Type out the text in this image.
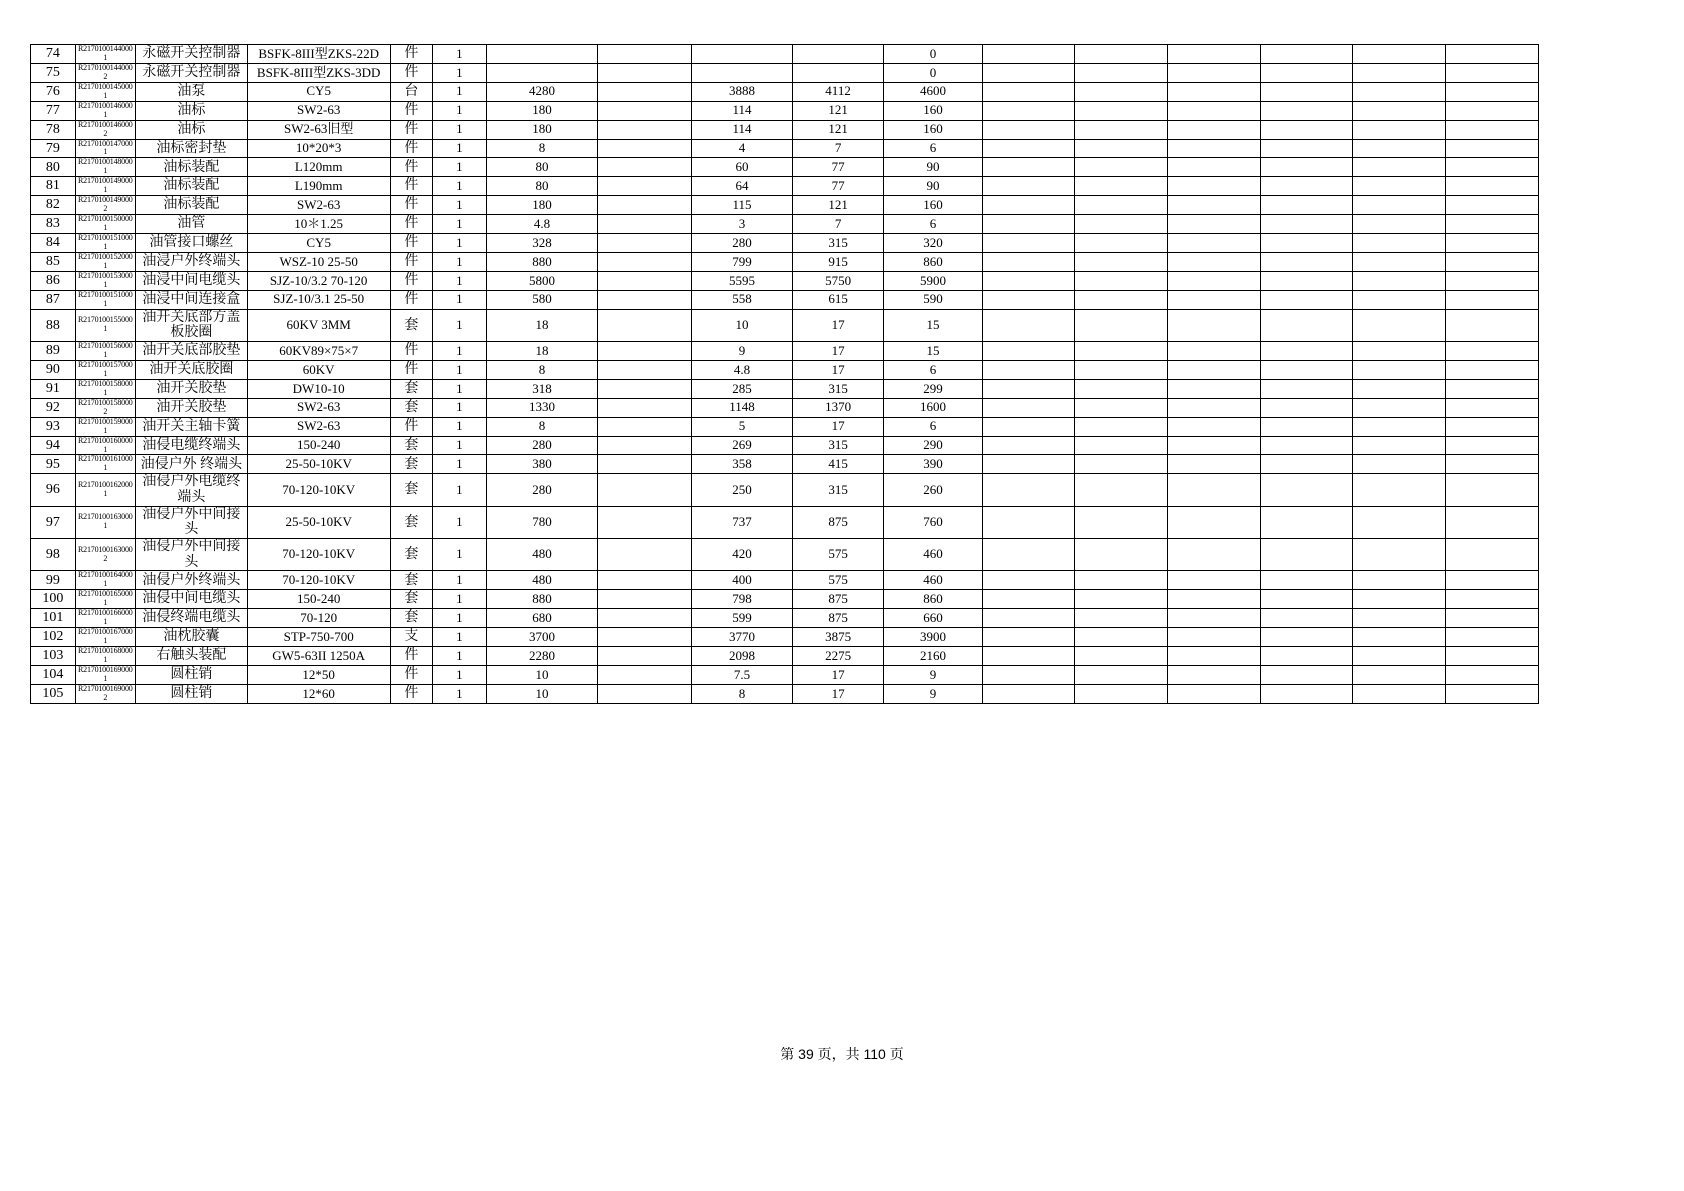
74	R21701001440001	永磁开关控制器	BSFK-8III型ZKS-22D	件	1					0						
75	R21701001440002	永磁开关控制器	BSFK-8III型ZKS-3DD	件	1					0						
76	R21701001450001	油泵	CY5	台	1	4280		3888	4112	4600						
77	R21701001460001	油标	SW2-63	件	1	180		114	121	160						
78	R21701001460002	油标	SW2-63旧型	件	1	180		114	121	160						
79	R21701001470001	油标密封垫	10*20*3	件	1	8		4	7	6						
80	R21701001480001	油标装配	L120mm	件	1	80		60	77	90						
81	R21701001490001	油标装配	L190mm	件	1	80		64	77	90						
82	R21701001490002	油标装配	SW2-63	件	1	180		115	121	160						
83	R21701001500001	油管	10＊1.25	件	1	4.8		3	7	6						
84	R21701001510001	油管接口螺丝	CY5	件	1	328		280	315	320						
85	R21701001520001	油浸户外终端头	WSZ-10 25-50	件	1	880		799	915	860						
86	R21701001530001	油浸中间电缆头	SJZ-10/3.2 70-120	件	1	5800		5595	5750	5900						
87	R21701001510001	油浸中间连接盒	SJZ-10/3.1 25-50	件	1	580		558	615	590						
88	R21701001550001	油开关底部方盖板胶圈	60KV 3MM	套	1	18		10	17	15						
89	R21701001560001	油开关底部胶垫	60KV89×75×7	件	1	18		9	17	15						
90	R21701001570001	油开关底胶圈	60KV	件	1	8		4.8	17	6						
91	R21701001580001	油开关胶垫	DW10-10	套	1	318		285	315	299						
92	R21701001580002	油开关胶垫	SW2-63	套	1	1330		1148	1370	1600						
93	R21701001590001	油开关主轴卡簧	SW2-63	件	1	8		5	17	6						
94	R21701001600001	油侵电缆终端头	150-240	套	1	280		269	315	290						
95	R21701001610001	油侵户外 终端头	25-50-10KV	套	1	380		358	415	390						
96	R21701001620001	油侵户外电缆终端头	70-120-10KV	套	1	280		250	315	260						
97	R21701001630001	油侵户外中间接头	25-50-10KV	套	1	780		737	875	760						
98	R21701001630002	油侵户外中间接头	70-120-10KV	套	1	480		420	575	460						
99	R21701001640001	油侵户外终端头	70-120-10KV	套	1	480		400	575	460						
100	R21701001650001	油侵中间电缆头	150-240	套	1	880		798	875	860						
101	R21701001660001	油侵终端电缆头	70-120	套	1	680		599	875	660						
102	R21701001670001	油枕胶囊	STP-750-700	支	1	3700		3770	3875	3900						
103	R21701001680001	右触头装配	GW5-63II 1250A	件	1	2280		2098	2275	2160						
104	R21701001690001	圆柱销	12*50	件	1	10		7.5	17	9						
105	R21701001690002	圆柱销	12*60	件	1	10		8	17	9						
第 39 页，共 110 页
